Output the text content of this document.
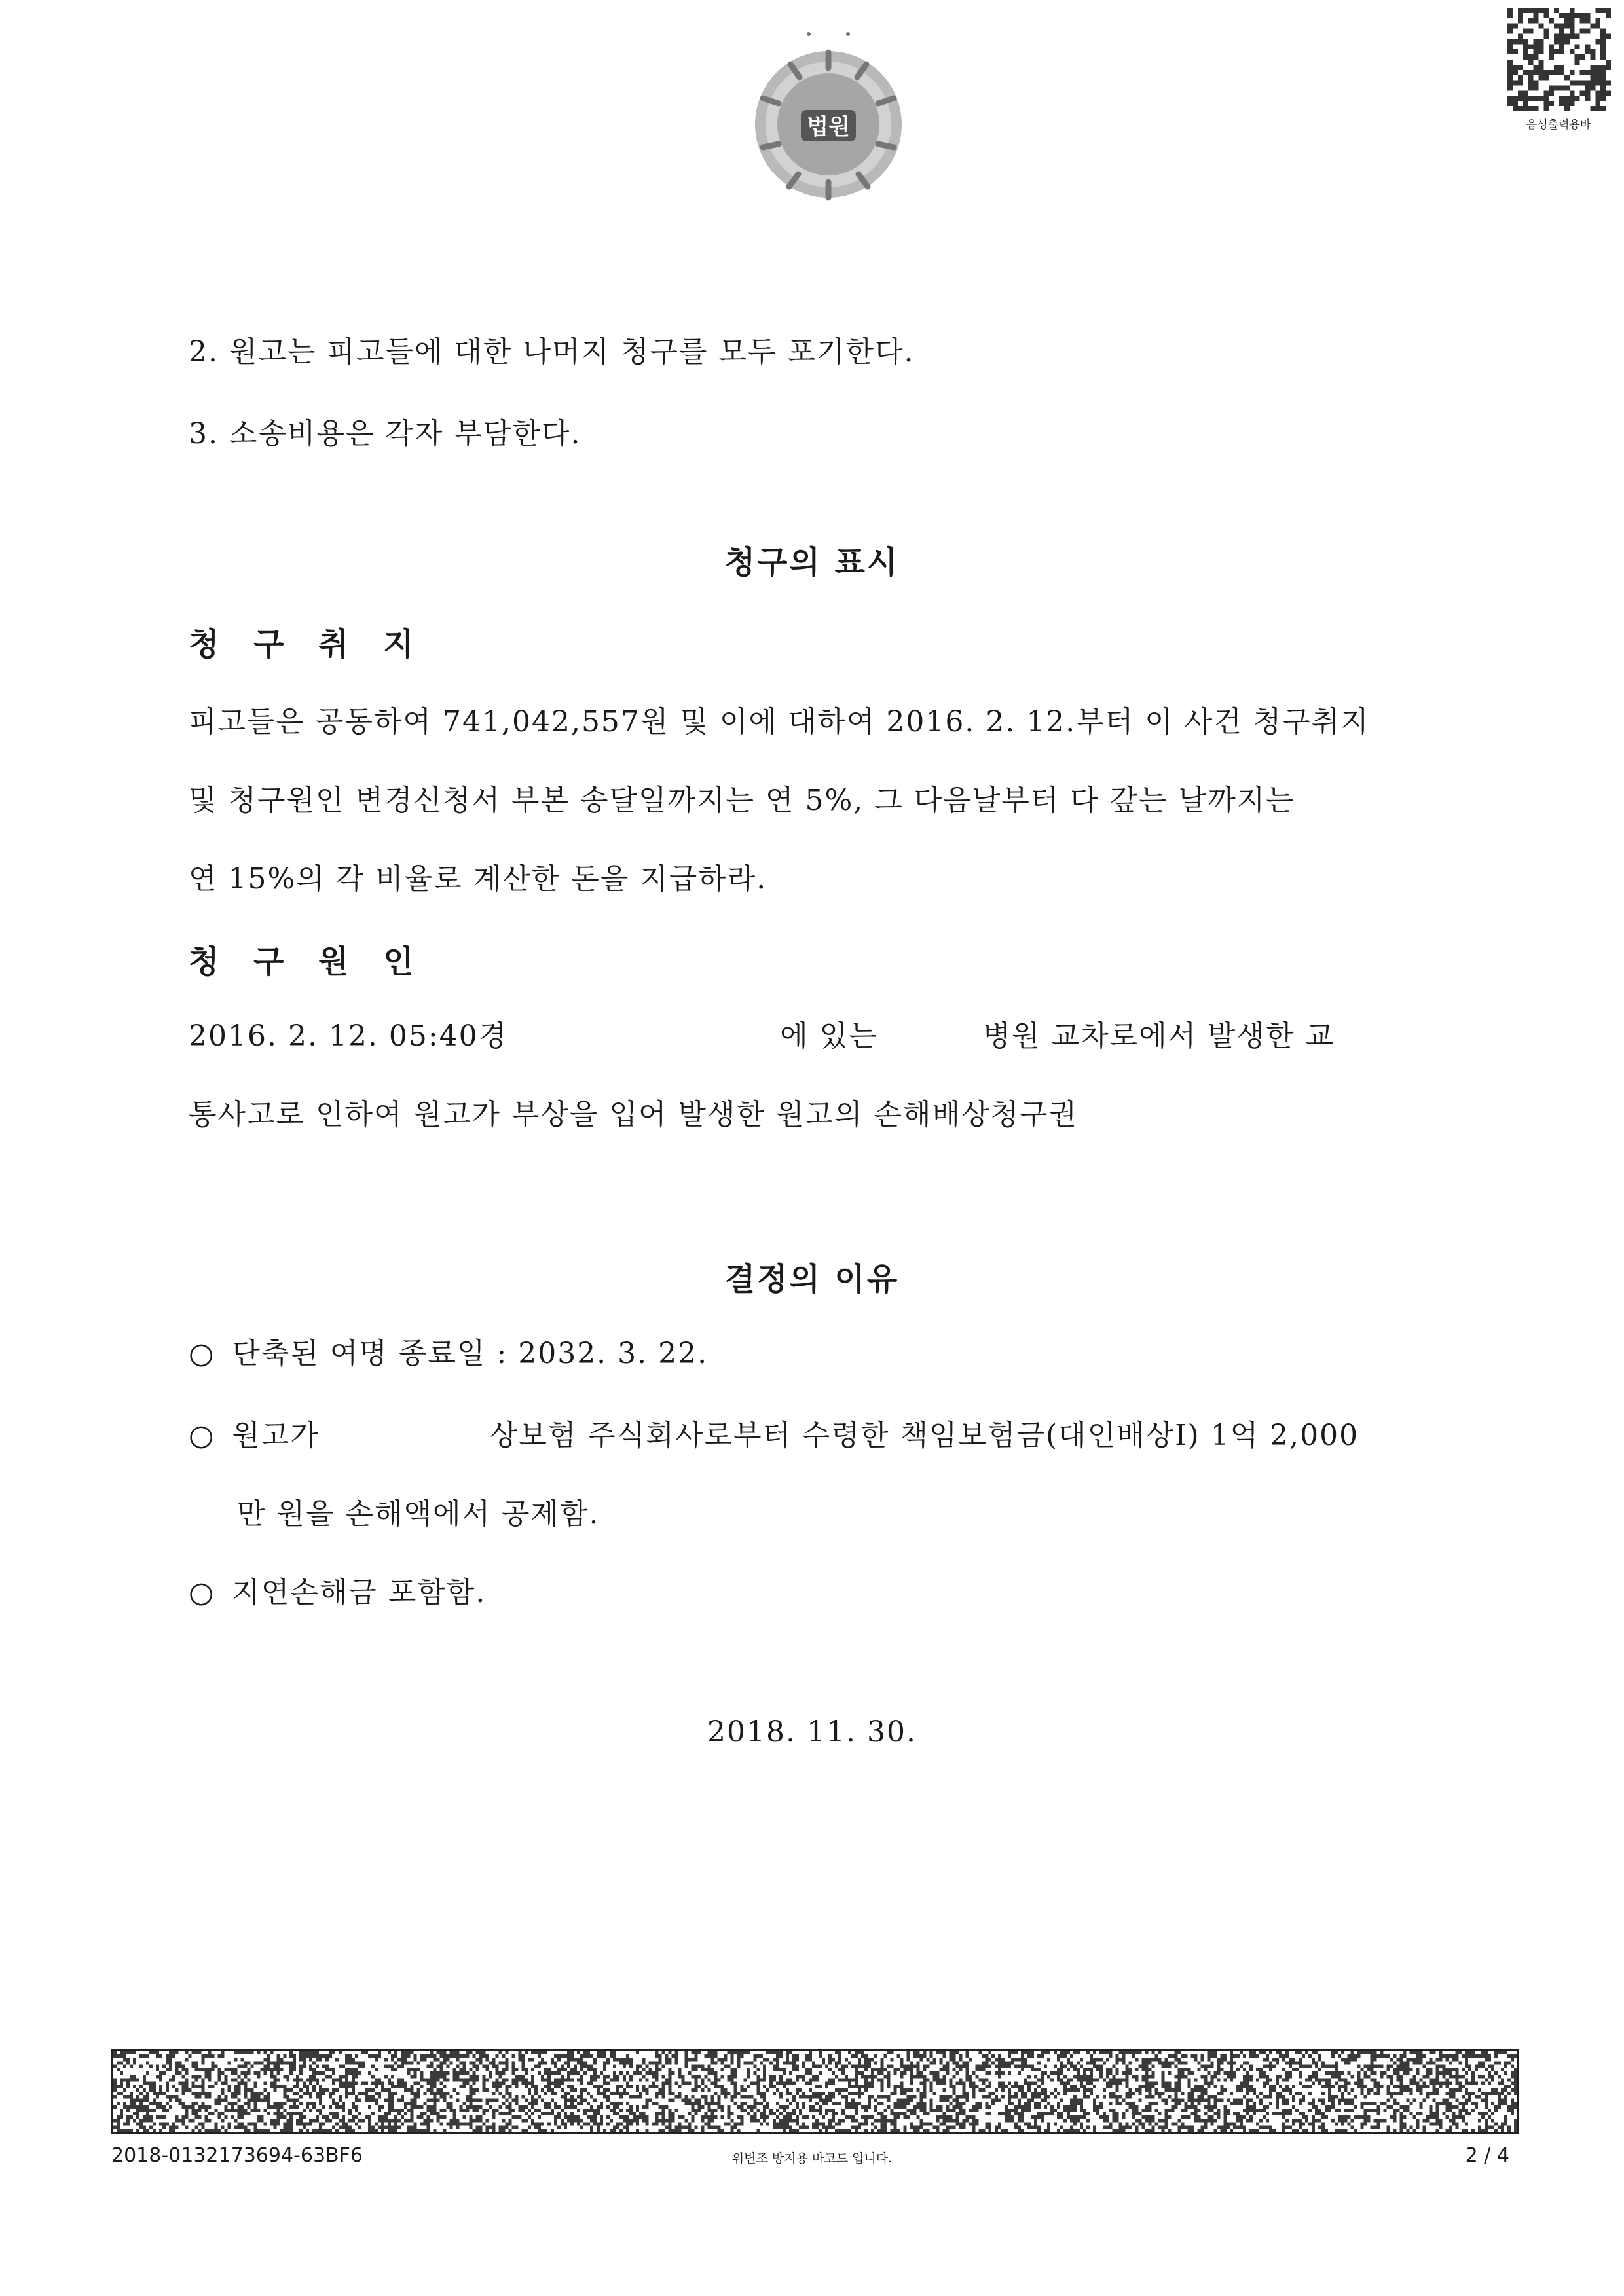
법원	음성출력용바
2. 원고는 피고들에 대한 나머지 청구를 모두 포기한다.
3. 소송비용은 각자 부담한다.
청구의 표시
청 구 취 지
피고들은 공동하여 741,042,557원 및 이에 대하여 2016. 2. 12.부터 이 사건 청구취지
및 청구원인 변경신청서 부본 송달일까지는 연 5%, 그 다음날부터 다 갚는 날까지는
연 15%의 각 비율로 계산한 돈을 지급하라.
청 구 원 인
2016. 2. 12. 05:40경	에 있는	병원 교차로에서 발생한 교
통사고로 인하여 원고가 부상을 입어 발생한 원고의 손해배상청구권
결정의 이유
○ 단축된 여명 종료일 : 2032. 3. 22.
○ 원고가	상보험 주식회사로부터 수령한 책임보험금(대인배상I) 1억 2,000
만 원을 손해액에서 공제함.
○ 지연손해금 포함함.
2018. 11. 30.
2018-0132173694-63BF6	위변조 방지용 바코드 입니다.	2 / 4
